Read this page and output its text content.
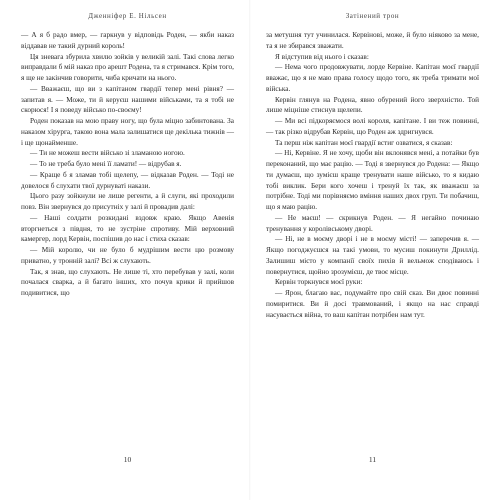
Дженніфер Е. Нільсен

— А я б радо вмер, — гаркнув у відповідь Роден, — якби наказ віддавав не такий дурний король!

Ця зневага збурила хвилю зойків у великій залі. Такі слова легко виправдали б мій наказ про арешт Родена, та я стримався. Крім того, я ще не закінчив говорити, чиба кричати на нього.

— Вважаєш, що ви з капітаном гвардії тепер мені рівня? — запитав я. — Може, ти й керуєш нашими військами, та я тобі не скорюся! І я поведу військо по-своєму!

Роден показав на мою праву ногу, що була міцно забинтована. За наказом хірурга, такою вона мала залишатися ще декілька тижнів — і ще щонайменше.

— Ти не можеш вести військо зі зламаною ногою.

— То не треба було мені її ламати! — відрубав я.

— Краще б я зламав тобі щелепу, — відказав Роден. — Тоді не довелося б слухати твої дурнуваті накази.

Цього разу зойкнули не лише регенти, а й слуги, які проходили повз. Він звернувся до присутніх у залі й провадив далі:

— Наші солдати розкидані вздовж краю. Якщо Авенія вторгнеться з півдня, то не зустріне спротиву. Мій верховний камергер, лорд Кервін, поспішив до нас і стиха сказав:

— Мій королю, чи не було б мудрішим вести цю розмову приватно, у тронній залі? Всі ж слухають.

Так, я знав, що слухають. Не лише ті, хто перебував у залі, коли почалася сварка, а й багато інших, хто почув крики й прийшов подивитися, що

10
Затінений трон

за метушня тут учинилася. Кервінові, може, й було ніяково за мене, та я не збирався зважати.

Я відступив від нього і сказав:

— Нема чого продовжувати, лорде Кервіне. Капітан моєї гвардії вважає, що я не маю права голосу щодо того, як треба тримати мої війська.

Кервін глянув на Родена, явно обурений його зверхністю. Той лише міцніше стиснув щелепи.

— Ми всі підкоряємося волі короля, капітане. І ви теж повинні, — так різко відрубав Кервін, що Роден аж здригнувся.

Та перш ніж капітан моєї гвардії встиг озватися, я сказав:

— Ні, Кервіне. Я не хочу, щоби він вклонявся мені, а потайки був переконаний, що має рацію. — Тоді я звернувся до Родена: — Якщо ти думаєш, що зумієш краще тренувати наше військо, то я кидаю тобі виклик. Бери кого хочеш і тренуй їх так, як вважаєш за потрібне. Тоді ми порівняємо вміння наших двох груп. Ти побачиш, що я маю рацію.

— Не маєш! — скрикнув Роден. — Я негайно починаю тренування у королівському дворі.

— Ні, не в моєму дворі і не в моєму місті! — заперечив я. — Якщо погоджуєшся на такі умови, то мусиш покинути Дриллід. Залишиш місто у компанії своїх пихів й вельмож сподіваюсь і повернутися, щойно зрозумієш, де твоє місце.

Кервін торкнувся моєї руки:

— Ярон, благаю вас, подумайте про свій сказ. Ви двоє повинні помиритися. Ви й досі травмований, і якщо на нас справді насувається війна, то ваш капітан потрібен нам тут.

11
